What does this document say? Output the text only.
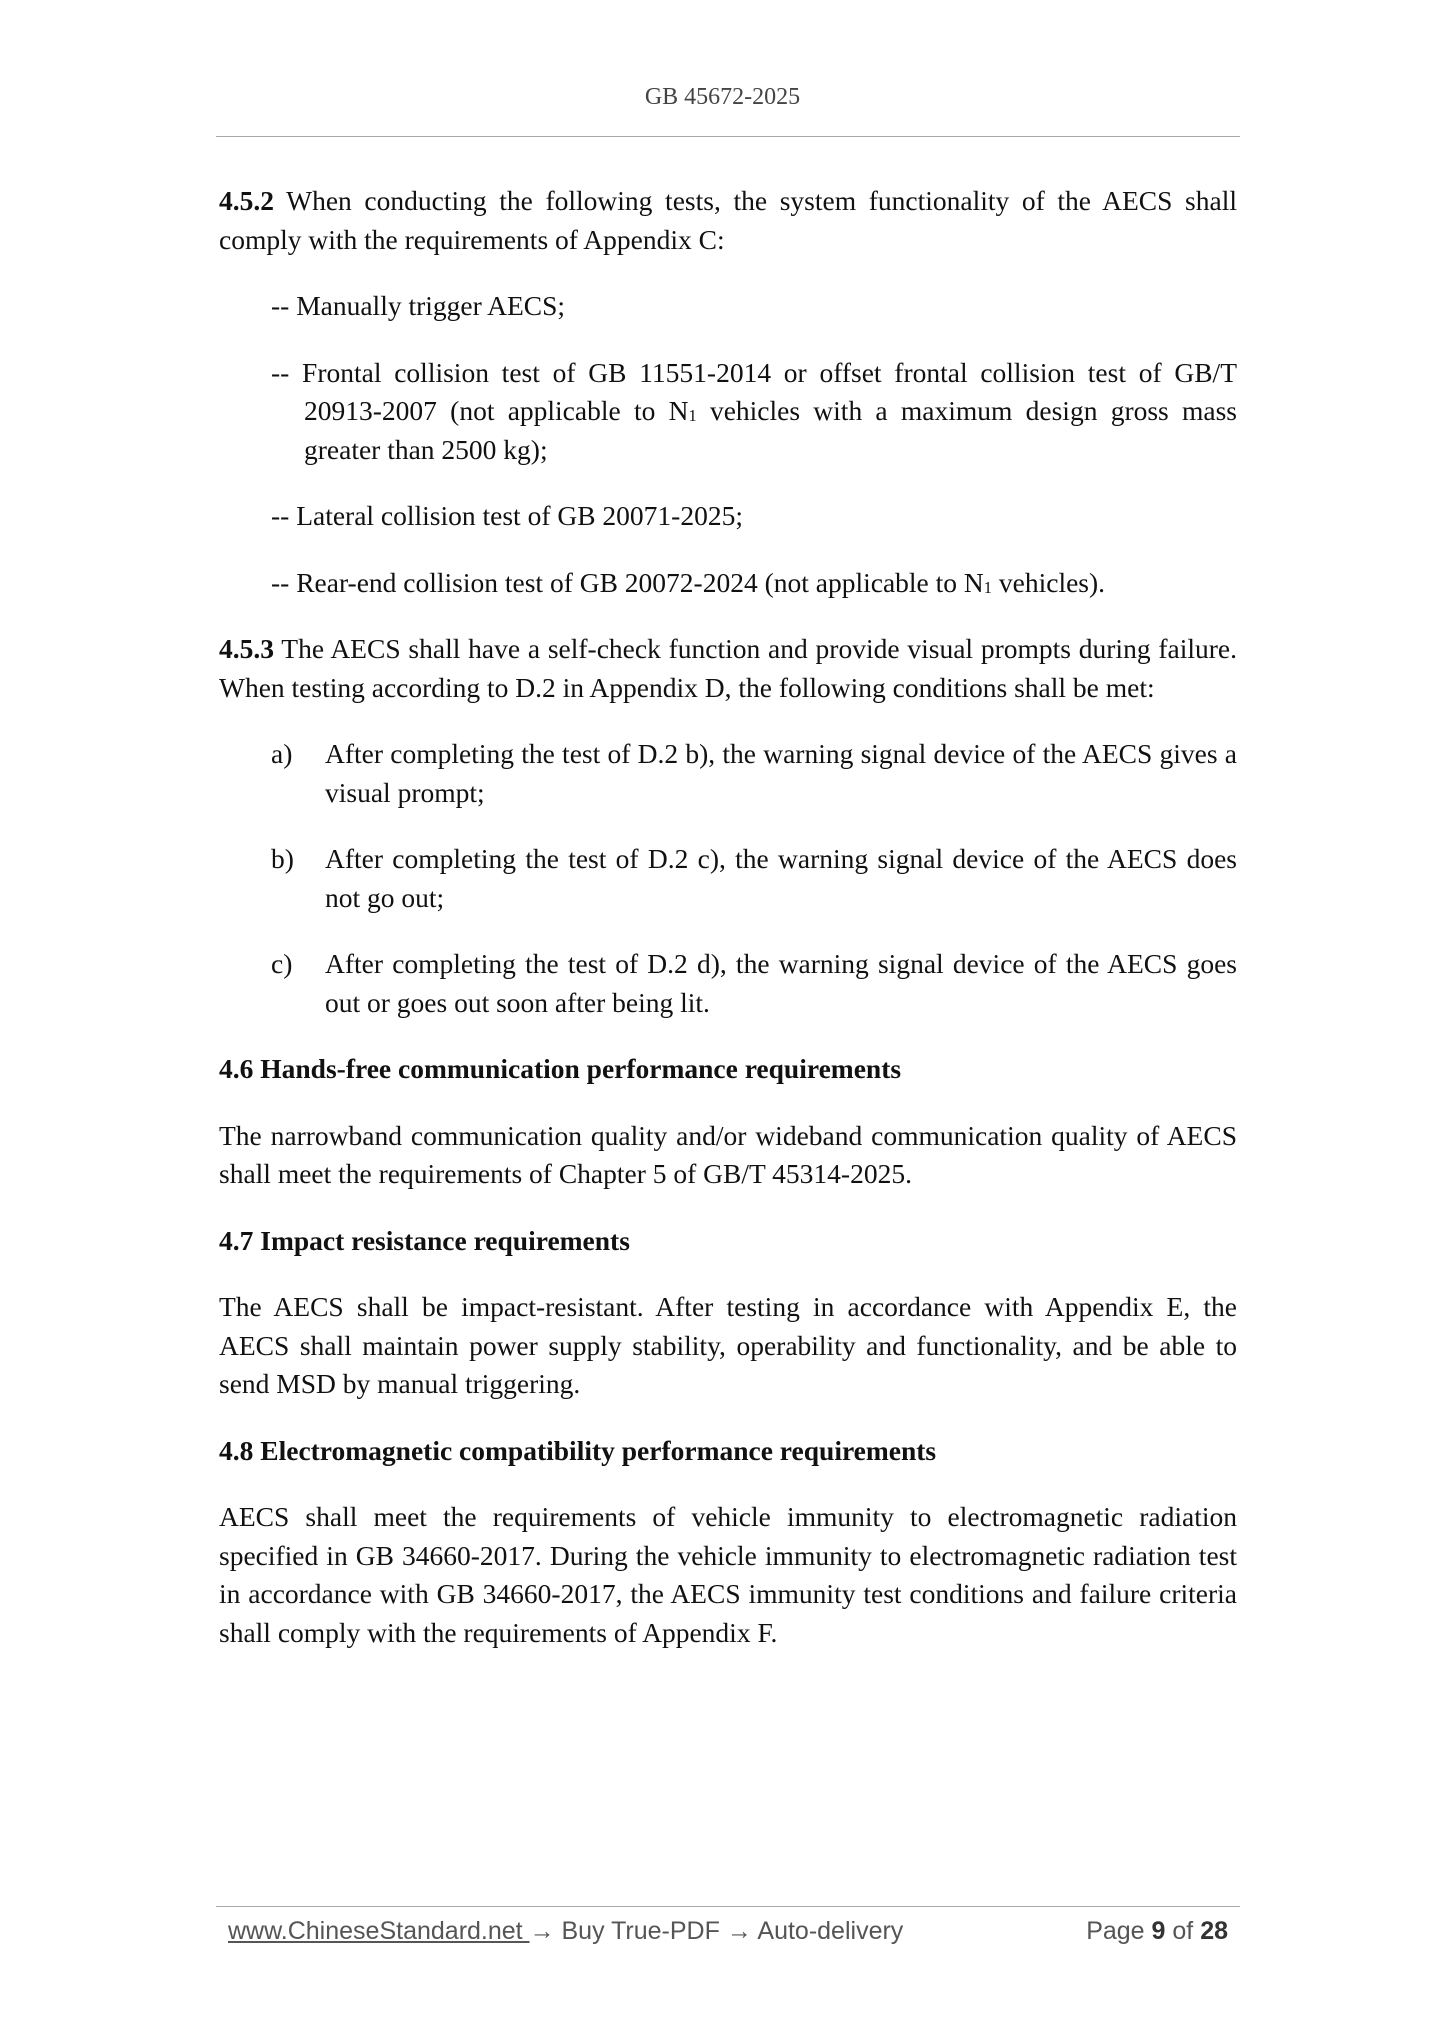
GB 45672-2025

4.5.2 When conducting the following tests, the system functionality of the AECS shall comply with the requirements of Appendix C:

-- Manually trigger AECS;

-- Frontal collision test of GB 11551-2014 or offset frontal collision test of GB/T 20913-2007 (not applicable to $N_1$ vehicles with a maximum design gross mass greater than 2500 kg);

-- Lateral collision test of GB 20071-2025;

-- Rear-end collision test of GB 20072-2024 (not applicable to $N_1$ vehicles).

4.5.3 The AECS shall have a self-check function and provide visual prompts during failure. When testing according to D.2 in Appendix D, the following conditions shall be met:

a)	After completing the test of D.2 b), the warning signal device of the AECS gives a visual prompt;
b)	After completing the test of D.2 c), the warning signal device of the AECS does not go out;
c)	After completing the test of D.2 d), the warning signal device of the AECS goes out or goes out soon after being lit.

4.6 Hands-free communication performance requirements

The narrowband communication quality and/or wideband communication quality of AECS shall meet the requirements of Chapter 5 of GB/T 45314-2025.

4.7 Impact resistance requirements

The AECS shall be impact-resistant. After testing in accordance with Appendix E, the AECS shall maintain power supply stability, operability and functionality, and be able to send MSD by manual triggering.

4.8 Electromagnetic compatibility performance requirements

AECS shall meet the requirements of vehicle immunity to electromagnetic radiation specified in GB 34660-2017. During the vehicle immunity to electromagnetic radiation test in accordance with GB 34660-2017, the AECS immunity test conditions and failure criteria shall comply with the requirements of Appendix F.

www.ChineseStandard.net → Buy True-PDF → Auto-delivery	Page 9 of 28
